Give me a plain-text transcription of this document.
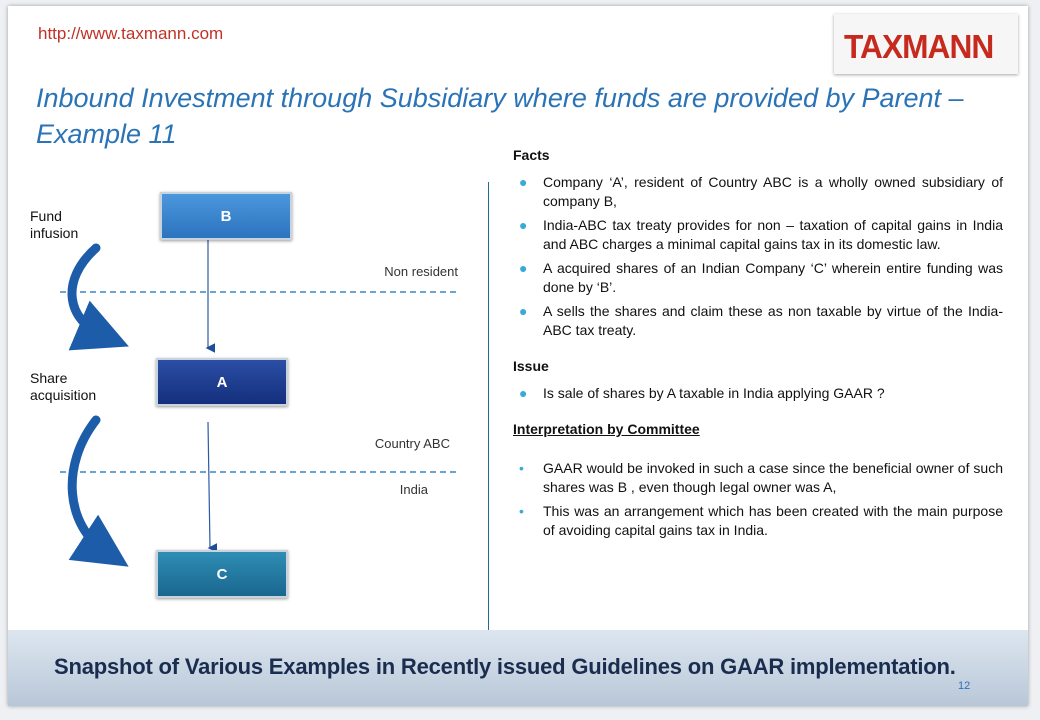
http://www.taxmann.com	TAXMANN
Inbound Investment through Subsidiary where funds are provided by Parent – Example 11
B
A
C
Fund infusion
Share acquisition
Non resident
Country ABC
India
Facts
● Company ‘A’, resident of Country ABC is a wholly owned subsidiary of company B,
● India-ABC tax treaty provides for non – taxation of capital gains in India and ABC charges a minimal capital gains tax in its domestic law.
● A acquired shares of an Indian Company ‘C’ wherein entire funding was done by ‘B’.
● A sells the shares and claim these as non taxable by virtue of the India- ABC tax treaty.
Issue
● Is sale of shares by A taxable in India applying GAAR ?
Interpretation by Committee
• GAAR would be invoked in such a case since the beneficial owner of such shares was B , even though legal owner was A,
• This was an arrangement which has been created with the main purpose of avoiding capital gains tax in India.
Snapshot of Various Examples in Recently issued Guidelines on GAAR implementation.
12
